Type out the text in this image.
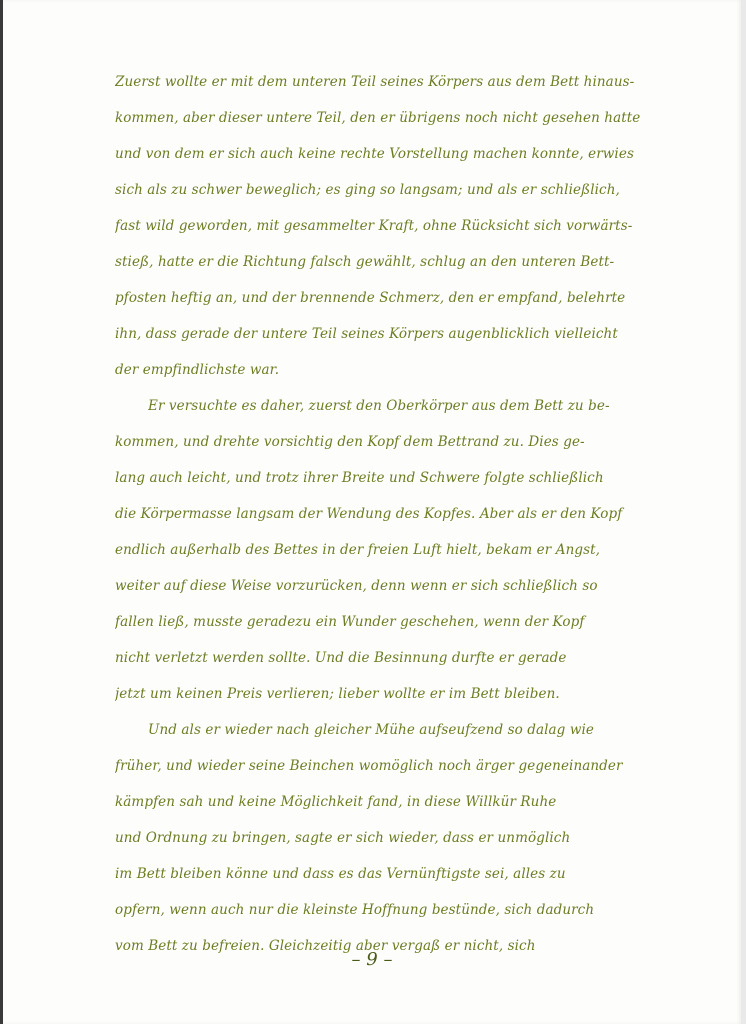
Zuerst wollte er mit dem unteren Teil seines Körpers aus dem Bett hinaus-

kommen, aber dieser untere Teil, den er übrigens noch nicht gesehen hatte

und von dem er sich auch keine rechte Vorstellung machen konnte, erwies

sich als zu schwer beweglich; es ging so langsam; und als er schließlich,

fast wild geworden, mit gesammelter Kraft, ohne Rücksicht sich vorwärts-

stieß, hatte er die Richtung falsch gewählt, schlug an den unteren Bett-

pfosten heftig an, und der brennende Schmerz, den er empfand, belehrte

ihn, dass gerade der untere Teil seines Körpers augenblicklich vielleicht

der empfindlichste war.

Er versuchte es daher, zuerst den Oberkörper aus dem Bett zu be-

kommen, und drehte vorsichtig den Kopf dem Bettrand zu. Dies ge-

lang auch leicht, und trotz ihrer Breite und Schwere folgte schließlich

die Körpermasse langsam der Wendung des Kopfes. Aber als er den Kopf

endlich außerhalb des Bettes in der freien Luft hielt, bekam er Angst,

weiter auf diese Weise vorzurücken, denn wenn er sich schließlich so

fallen ließ, musste geradezu ein Wunder geschehen, wenn der Kopf

nicht verletzt werden sollte. Und die Besinnung durfte er gerade

jetzt um keinen Preis verlieren; lieber wollte er im Bett bleiben.

Und als er wieder nach gleicher Mühe aufseufzend so dalag wie

früher, und wieder seine Beinchen womöglich noch ärger gegeneinander

kämpfen sah und keine Möglichkeit fand, in diese Willkür Ruhe

und Ordnung zu bringen, sagte er sich wieder, dass er unmöglich

im Bett bleiben könne und dass es das Vernünftigste sei, alles zu

opfern, wenn auch nur die kleinste Hoffnung bestünde, sich dadurch

vom Bett zu befreien. Gleichzeitig aber vergaß er nicht, sich

– 9 –
